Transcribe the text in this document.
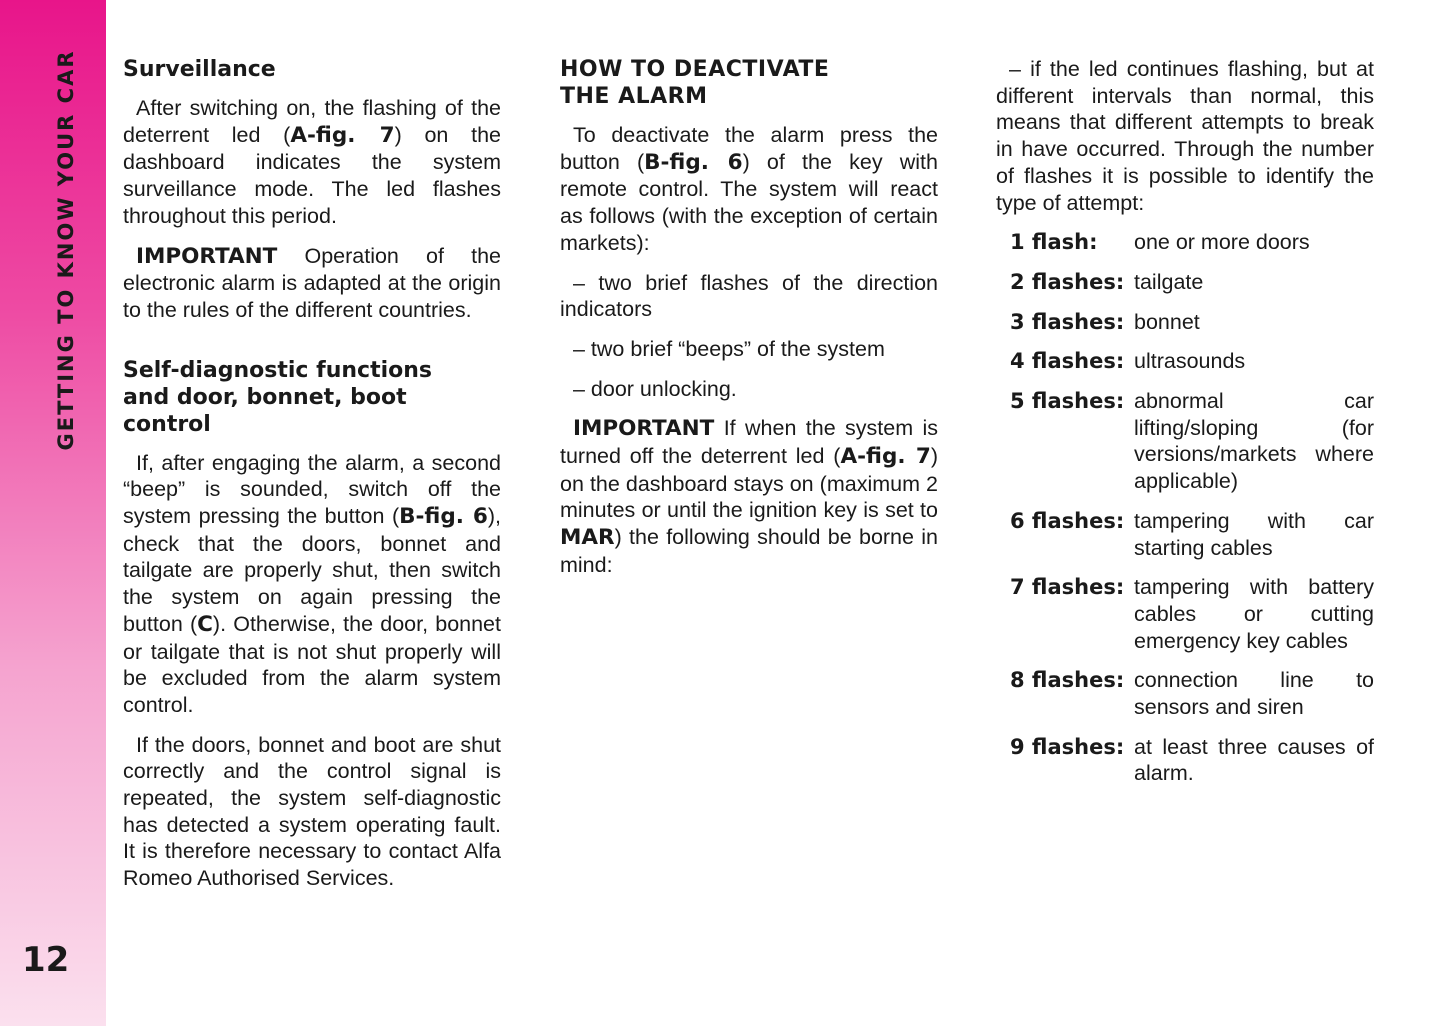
GETTING TO KNOW YOUR CAR
12
Surveillance

After switching on, the flashing of the deterrent led (A-fig. 7) on the dashboard indicates the system surveillance mode. The led flashes throughout this period.

IMPORTANT Operation of the electronic alarm is adapted at the origin to the rules of the different countries.

Self-diagnostic functions
and door, bonnet, boot control

If, after engaging the alarm, a second “beep” is sounded, switch off the system pressing the button (B-fig. 6), check that the doors, bonnet and tailgate are properly shut, then switch the system on again pressing the button (C). Otherwise, the door, bonnet or tailgate that is not shut properly will be excluded from the alarm system control.

If the doors, bonnet and boot are shut correctly and the control signal is repeated, the system self-diagnostic has detected a system operating fault. It is therefore necessary to contact Alfa Romeo Authorised Services.

HOW TO DEACTIVATE
THE ALARM

To deactivate the alarm press the button (B-fig. 6) of the key with remote control. The system will react as follows (with the exception of certain markets):

– two brief flashes of the direction indicators

– two brief “beeps” of the system

– door unlocking.

IMPORTANT If when the system is turned off the deterrent led (A-fig. 7) on the dashboard stays on (maximum 2 minutes or until the ignition key is set to MAR) the following should be borne in mind:

– if the led continues flashing, but at different intervals than normal, this means that different attempts to break in have occurred. Through the number of flashes it is possible to identify the type of attempt:

1 flash:	one or more doors
2 flashes: tailgate
3 flashes: bonnet
4 flashes: ultrasounds
5 flashes: abnormal car lifting/sloping (for versions/markets where applicable)
6 flashes: tampering with car starting cables
7 flashes: tampering with battery cables or cutting emergency key cables
8 flashes: connection line to sensors and siren
9 flashes: at least three causes of alarm.
